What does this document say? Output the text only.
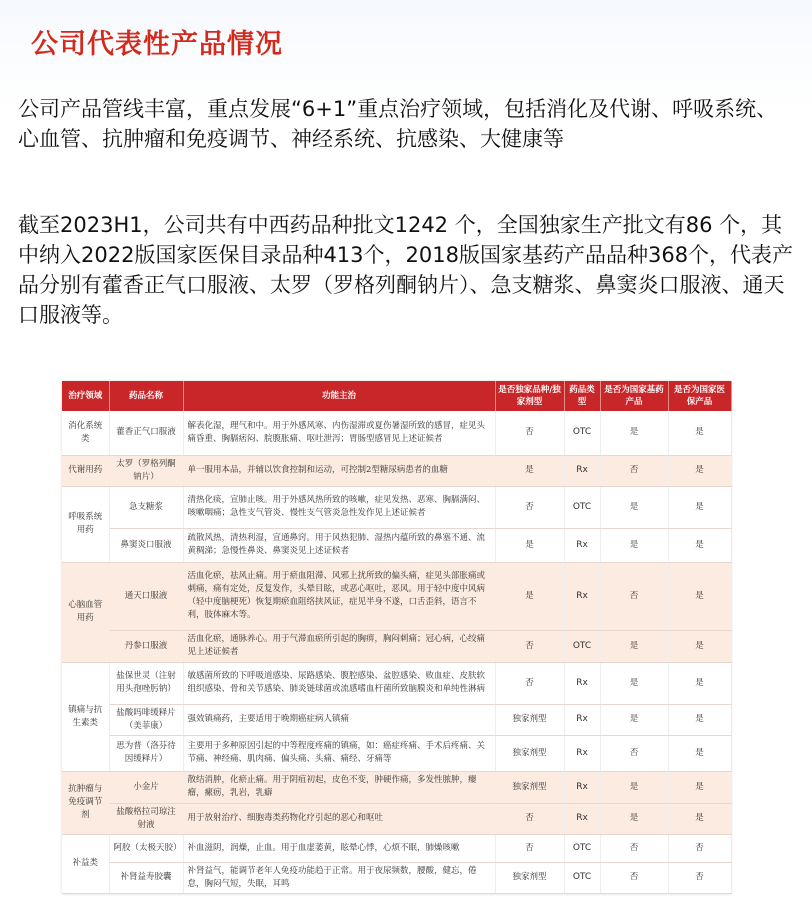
公司代表性产品情况
公司产品管线丰富，重点发展“6+1”重点治疗领域，包括消化及代谢、呼吸系统、心血管、抗肿瘤和免疫调节、神经系统、抗感染、大健康等
截至2023H1，公司共有中西药品种批文1242 个，全国独家生产批文有86 个，其中纳入2022版国家医保目录品种413个，2018版国家基药产品品种368个，代表产品分别有藿香正气口服液、太罗（罗格列酮钠片）、急支糖浆、鼻窦炎口服液、通天口服液等。
治疗领域	药品名称	功能主治	是否独家品种/独家剂型	药品类型	是否为国家基药产品	是否为国家医保产品
消化系统类	藿香正气口服液	解表化湿，理气和中。用于外感风寒、内伤湿滞或夏伤暑湿所致的感冒，症见头痛昏重、胸膈痞闷、脘腹胀痛、呕吐泄泻；胃肠型感冒见上述证候者	否	OTC	是	是
代谢用药	太罗（罗格列酮钠片）	单一服用本品，并辅以饮食控制和运动，可控制2型糖尿病患者的血糖	是	Rx	否	是
呼吸系统用药	急支糖浆	清热化痰，宣肺止咳。用于外感风热所致的咳嗽，症见发热、恶寒、胸膈满闷、咳嗽咽痛；急性支气管炎、慢性支气管炎急性发作见上述证候者	否	OTC	是	是
	鼻窦炎口服液	疏散风热，清热利湿，宣通鼻窍。用于风热犯肺、湿热内蕴所致的鼻塞不通、流黄稠涕；急慢性鼻炎、鼻窦炎见上述证候者	是	Rx	是	是
心脑血管用药	通天口服液	活血化瘀，祛风止痛。用于瘀血阻滞、风邪上扰所致的偏头痛，症见头部胀痛或刺痛，痛有定处，反复发作，头晕目眩，或恶心呕吐，恶风。用于轻中度中风病（轻中度脑梗死）恢复期瘀血阻络挟风证，症见半身不遂，口舌歪斜，语言不利，肢体麻木等。	是	Rx	否	是
	丹参口服液	活血化瘀，通脉养心。用于气滞血瘀所引起的胸痹，胸闷刺痛；冠心病，心绞痛见上述证候者	否	OTC	是	是
镇痛与抗生素类	盐保世灵（注射用头孢唑肟钠）	敏感菌所致的下呼吸道感染、尿路感染、腹腔感染、盆腔感染、败血症、皮肤软组织感染、骨和关节感染、肺炎链球菌或流感嗜血杆菌所致脑膜炎和单纯性淋病	否	Rx	是	是
	盐酸吗啡缓释片（美菲康）	强效镇痛药，主要适用于晚期癌症病人镇痛	独家剂型	Rx	是	是
	思为普（洛芬待因缓释片）	主要用于多种原因引起的中等程度疼痛的镇痛，如：癌症疼痛、手术后疼痛、关节痛、神经痛、肌肉痛、偏头痛、头痛、痛经、牙痛等	独家剂型	Rx	否	是
抗肿瘤与免疫调节剂	小金片	散结消肿，化瘀止痛。用于阴疽初起，皮色不变，肿硬作痛，多发性脓肿，瘿瘤，瘰疬，乳岩，乳癖	独家剂型	Rx	是	是
	盐酸格拉司琼注射液	用于放射治疗、细胞毒类药物化疗引起的恶心和呕吐	否	Rx	是	是
补益类	阿胶（太极天胶）	补血滋阴，润燥，止血。用于血虚萎黄，眩晕心悸，心烦不眠，肺燥咳嗽	否	OTC	否	否
	补肾益寿胶囊	补肾益气，能调节老年人免疫功能趋于正常。用于夜尿频数，腰酸，健忘，倦怠，胸闷气短，失眠，耳鸣	独家剂型	OTC	否	否
